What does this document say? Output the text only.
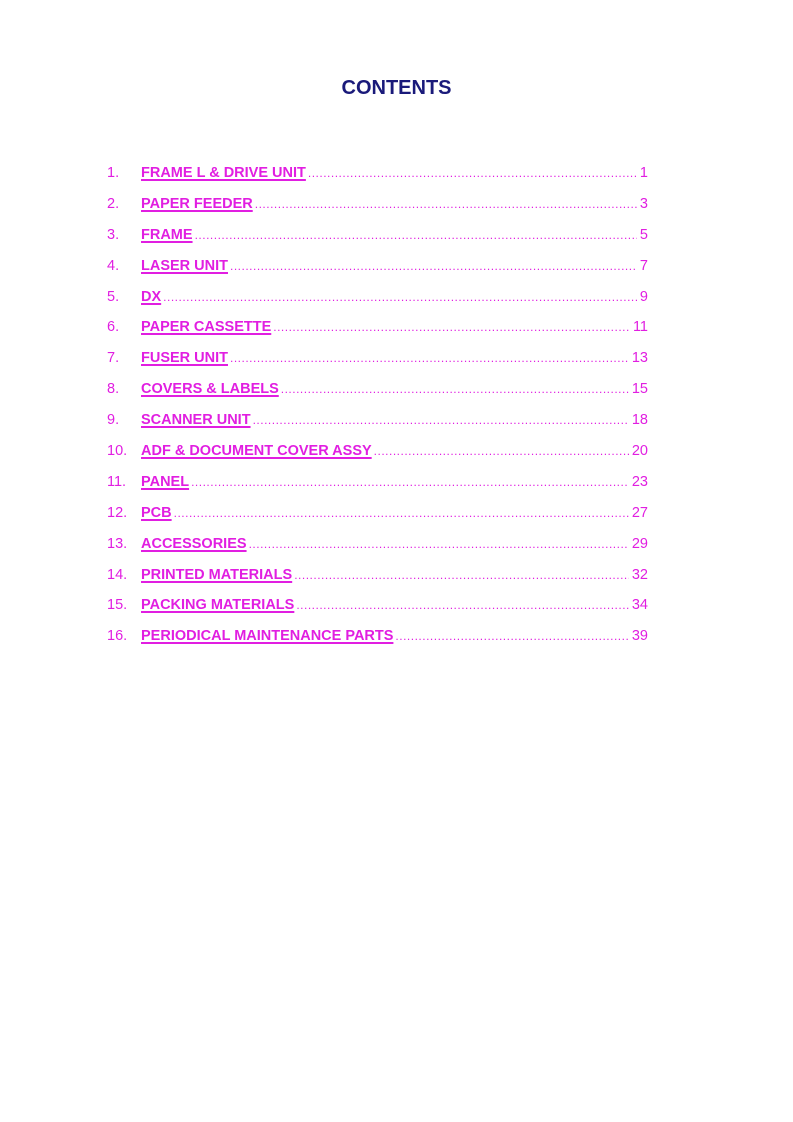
CONTENTS
1.	FRAME L & DRIVE UNIT .....	1
2.	PAPER FEEDER .....	3
3.	FRAME .....	5
4.	LASER UNIT .....	7
5.	DX .....	9
6.	PAPER CASSETTE .....	11
7.	FUSER UNIT .....	13
8.	COVERS & LABELS .....	15
9.	SCANNER UNIT .....	18
10. ADF & DOCUMENT COVER ASSY .....	20
11.	PANEL .....	23
12. PCB .....	27
13. ACCESSORIES .....	29
14. PRINTED MATERIALS .....	32
15. PACKING MATERIALS .....	34
16. PERIODICAL MAINTENANCE PARTS .....	39
